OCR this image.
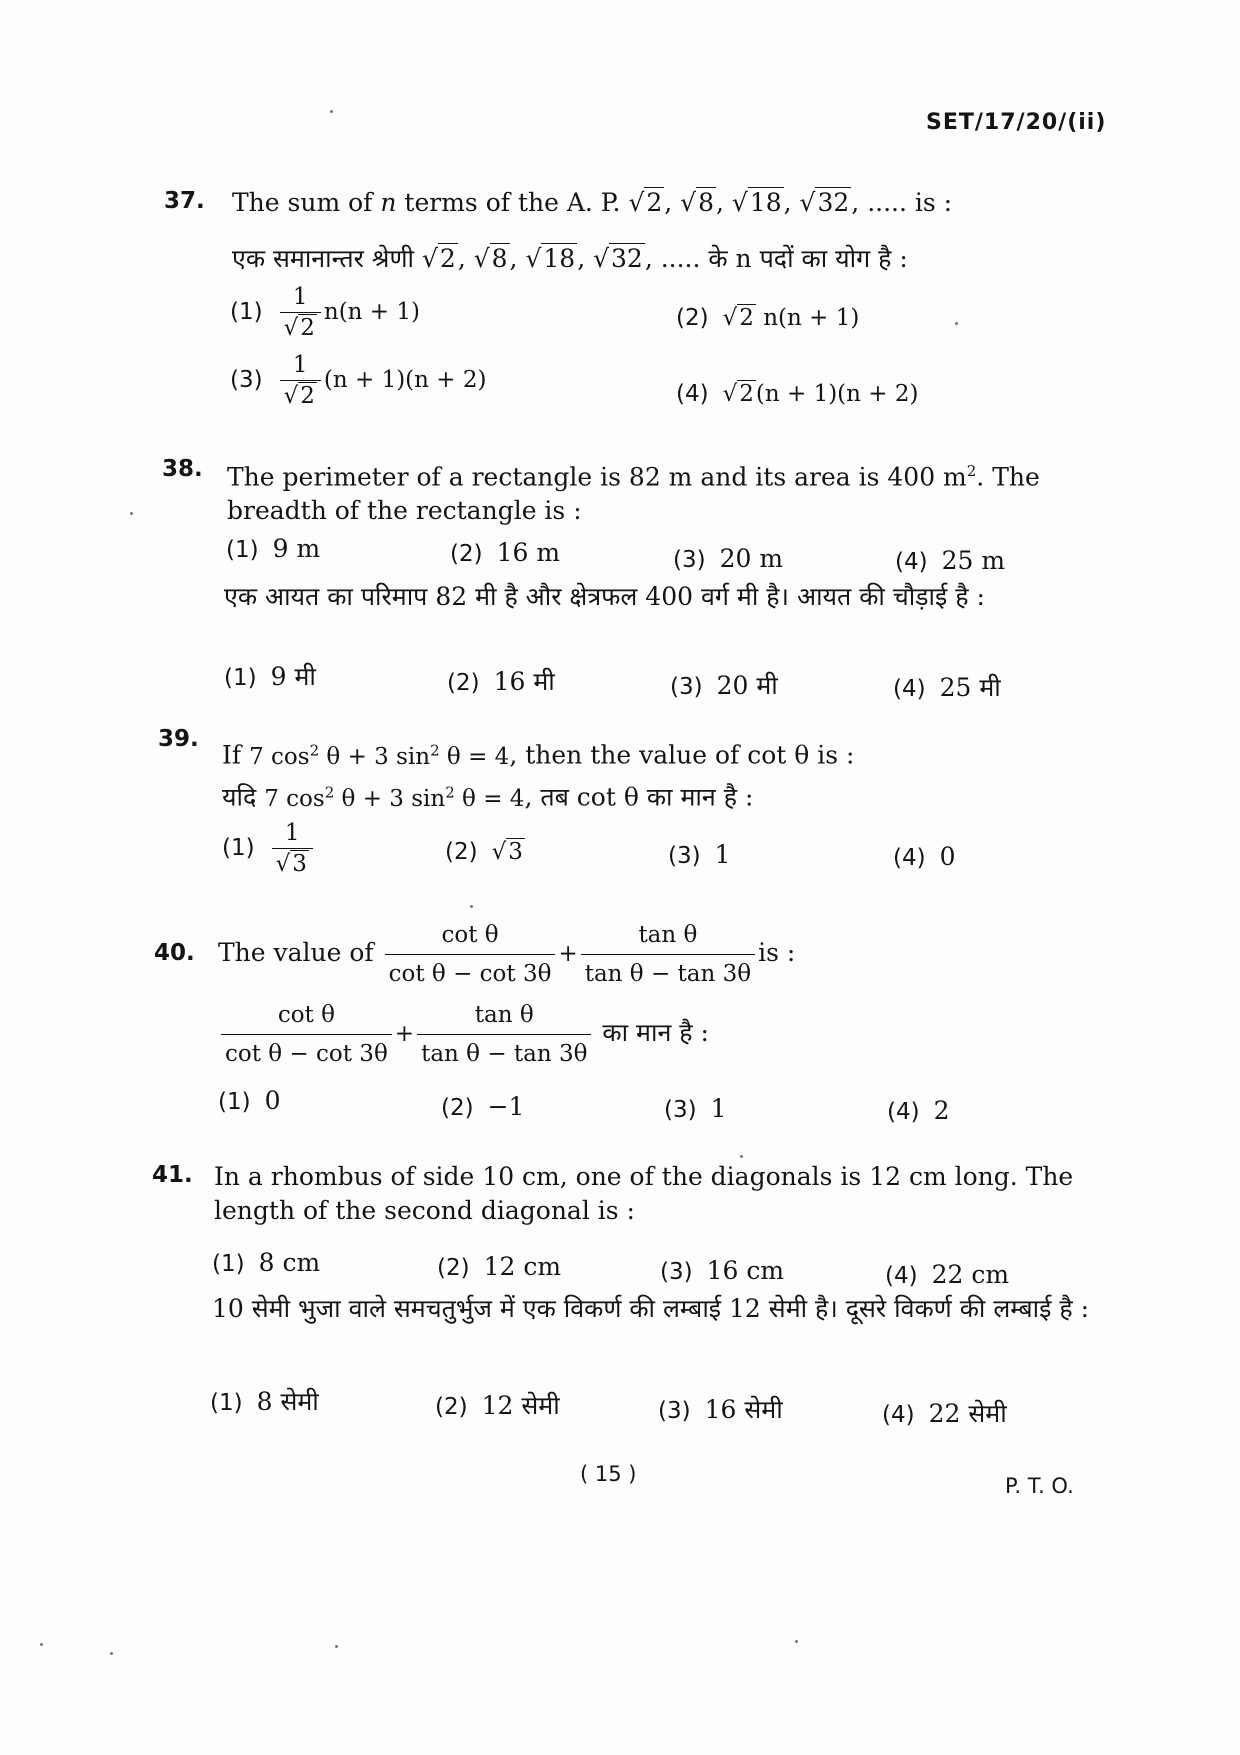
SET/17/20/(ii)
37. The sum of n terms of the A. P. √2, √8, √18, √32, ..... is :
एक समानान्तर श्रेणी √2, √8, √18, √32, ..... के n पदों का योग है :
$(1) \frac{1}{√2} n(n + 1)$	(2) √2 n(n + 1)
$(3) \frac{1}{√2} (n + 1)(n + 2)$
(4) √2(n + 1)(n + 2)
38. The perimeter of a rectangle is 82 m and its area is 400 $m^2$. The breadth of the rectangle is :
(1) 9 m	(2) 16 m	(3) 20 m	(4) 25 m
एक आयत का परिमाप 82 मी है और क्षेत्रफल 400 वर्ग मी है। आयत की चौड़ाई है :
(1) 9 मी	(2) 16 मी	(3) 20 मी	(4) 25 मी
39.
If 7 $\cos^2 \theta + 3$ $\sin^2 \theta = 4$, then the value of cot θ is :
यदि 7 $\cos^2 \theta + 3$ $\sin^2 \theta = 4$, तब cot θ का मान है :
$(1) \frac{1}{√3}$	(2) √3	(3) 1	(4) 0
40. The value of $\frac{\text{cot θ}}{\text{cot θ − cot 3θ}} + \frac{\text{tan θ}}{\text{tan θ − tan 3θ}}$ is :
$\frac{\text{cot θ}}{\text{cot θ − cot 3θ}} + \frac{\text{tan θ}}{\text{tan θ − tan 3θ}}$ का मान है :
(1) 0	(2) −1	(3) 1	(4) 2
41. In a rhombus of side 10 cm, one of the diagonals is 12 cm long. The length of the second diagonal is :
(1) 8 cm	(2) 12 cm	(3) 16 cm	(4) 22 cm
10 सेमी भुजा वाले समचतुर्भुज में एक विकर्ण की लम्बाई 12 सेमी है। दूसरे विकर्ण की लम्बाई है :
(1) 8 सेमी	(2) 12 सेमी	(3) 16 सेमी	(4) 22 सेमी
( 15 )	P. T. O.
